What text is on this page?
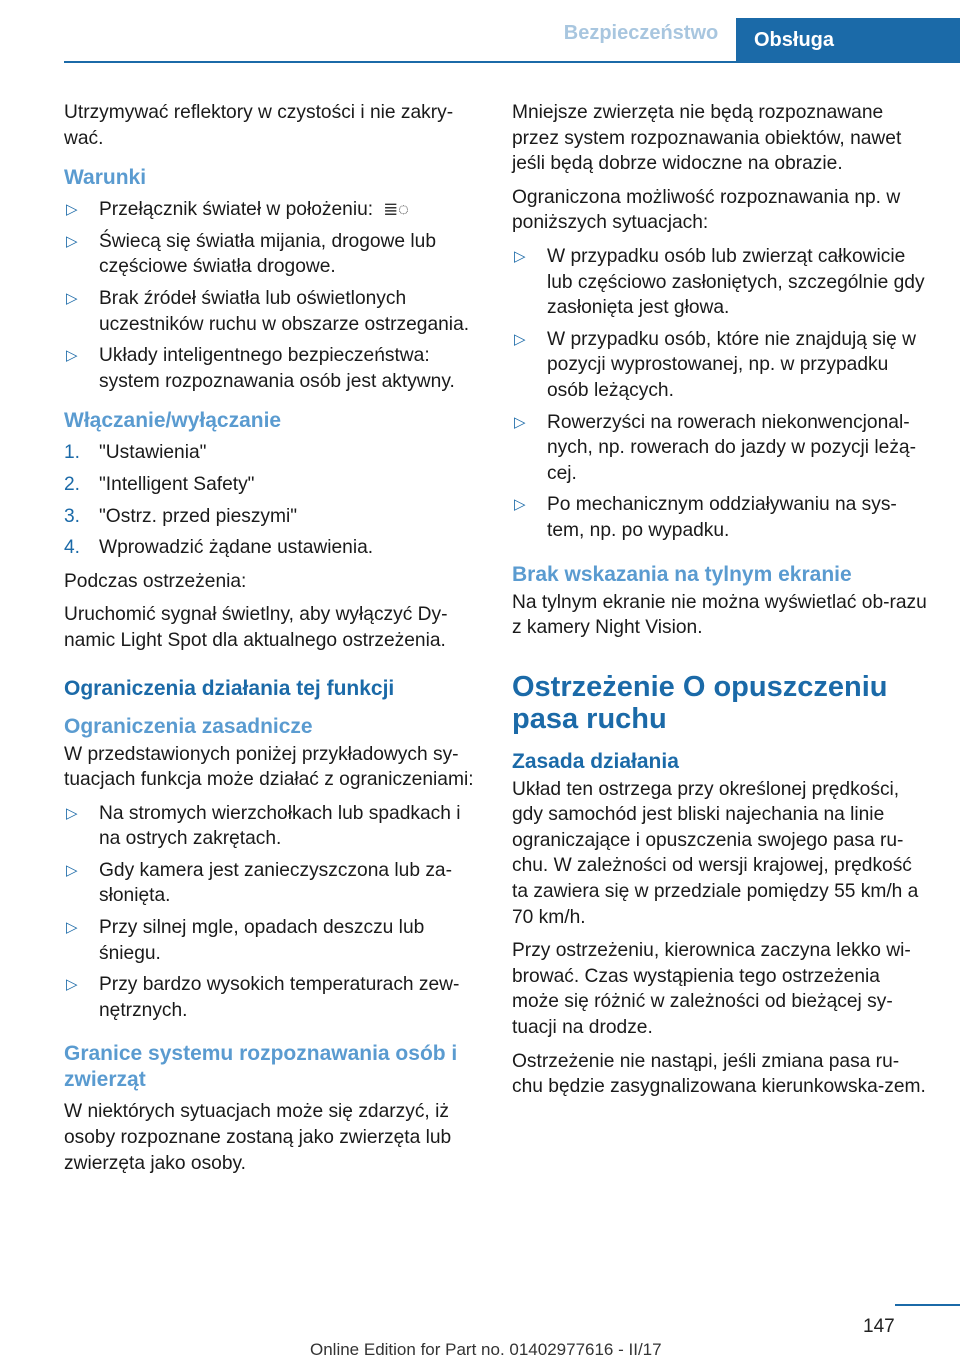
Bezpieczeństwo	Obsługa

Utrzymywać reflektory w czystości i nie zakry-wać.

Warunki
▷ Przełącznik świateł w położeniu: ≣◌
▷ Świecą się światła mijania, drogowe lub częściowe światła drogowe.
▷ Brak źródeł światła lub oświetlonych uczestników ruchu w obszarze ostrzegania.
▷ Układy inteligentnego bezpieczeństwa: system rozpoznawania osób jest aktywny.
Włączanie/wyłączanie
1. "Ustawienia"
2. "Intelligent Safety"
3. "Ostrz. przed pieszymi"
4. Wprowadzić żądane ustawienia.

Podczas ostrzeżenia:

Uruchomić sygnał świetlny, aby wyłączyć Dy-namic Light Spot dla aktualnego ostrzeżenia.

Ograniczenia działania tej funkcji
Ograniczenia zasadnicze

W przedstawionych poniżej przykładowych sy-tuacjach funkcja może działać z ograniczeniami:

▷ Na stromych wierzchołkach lub spadkach i na ostrych zakrętach.
▷ Gdy kamera jest zanieczyszczona lub za-słonięta.
▷ Przy silnej mgle, opadach deszczu lub śniegu.
▷ Przy bardzo wysokich temperaturach zew-nętrznych.
Granice systemu rozpoznawania osób i zwierząt

W niektórych sytuacjach może się zdarzyć, iż osoby rozpoznane zostaną jako zwierzęta lub zwierzęta jako osoby.

Mniejsze zwierzęta nie będą rozpoznawane przez system rozpoznawania obiektów, nawet jeśli będą dobrze widoczne na obrazie.

Ograniczona możliwość rozpoznawania np. w poniższych sytuacjach:

▷ W przypadku osób lub zwierząt całkowicie lub częściowo zasłoniętych, szczególnie gdy zasłonięta jest głowa.
▷ W przypadku osób, które nie znajdują się w pozycji wyprostowanej, np. w przypadku osób leżących.
▷ Rowerzyści na rowerach niekonwencjonal-nych, np. rowerach do jazdy w pozycji leżą-cej.
▷ Po mechanicznym oddziaływaniu na sys-tem, np. po wypadku.
Brak wskazania na tylnym ekranie

Na tylnym ekranie nie można wyświetlać ob-razu z kamery Night Vision.

Ostrzeżenie O opuszczeniu pasa ruchu
Zasada działania

Układ ten ostrzega przy określonej prędkości, gdy samochód jest bliski najechania na linie ograniczające i opuszczenia swojego pasa ru-chu. W zależności od wersji krajowej, prędkość ta zawiera się w przedziale pomiędzy 55 km/h a 70 km/h.

Przy ostrzeżeniu, kierownica zaczyna lekko wi-brować. Czas wystąpienia tego ostrzeżenia może się różnić w zależności od bieżącej sy-tuacji na drodze.

Ostrzeżenie nie nastąpi, jeśli zmiana pasa ru-chu będzie zasygnalizowana kierunkowska-zem.

147
Online Edition for Part no. 01402977616 - II/17
